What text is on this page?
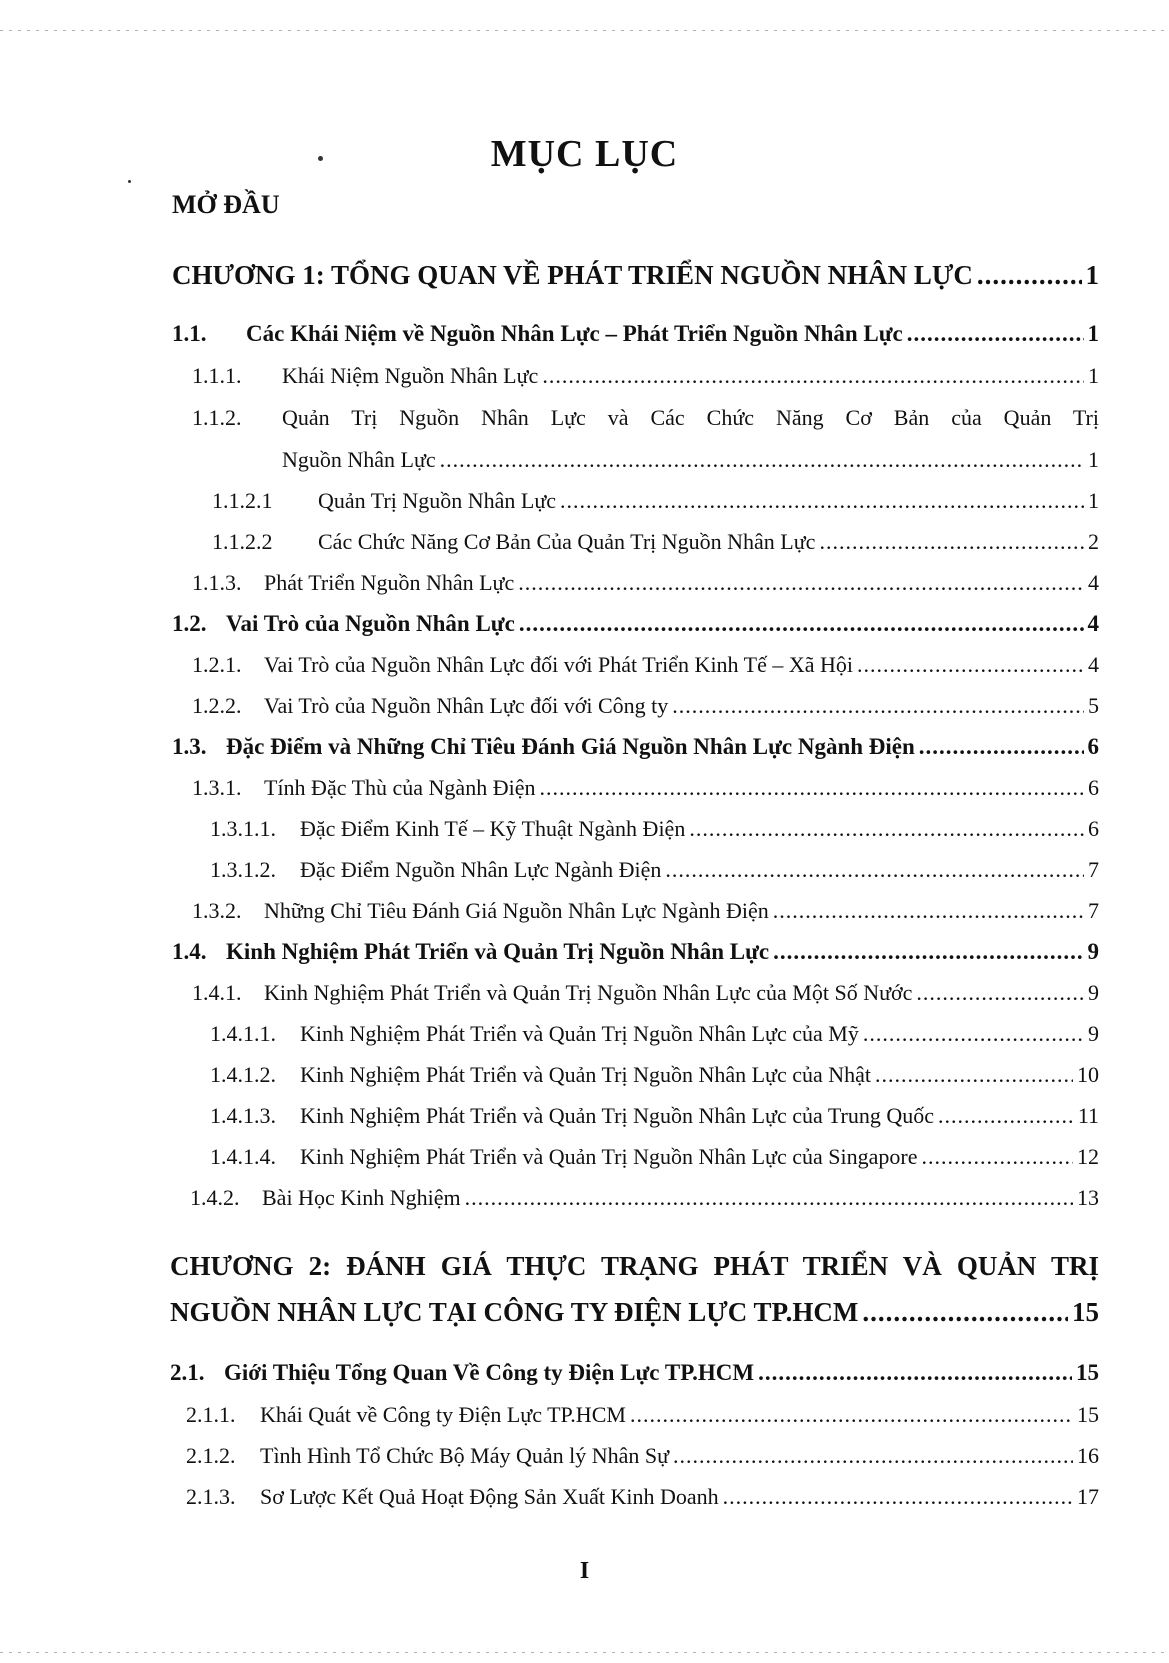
MỤC LỤC
MỞ ĐẦU
CHƯƠNG 1: TỔNG QUAN VỀ PHÁT TRIỂN NGUỒN NHÂN LỰC .....	1
1.1.	Các Khái Niệm về Nguồn Nhân Lực – Phát Triển Nguồn Nhân Lực .....	1
1.1.1.	Khái Niệm Nguồn Nhân Lực .....	1
1.1.2.	Quản Trị Nguồn Nhân Lực và Các Chức Năng Cơ Bản của Quản Trị
Nguồn Nhân Lực .....	1
1.1.2.1	Quản Trị Nguồn Nhân Lực .....	1
1.1.2.2	Các Chức Năng Cơ Bản Của Quản Trị Nguồn Nhân Lực .....	2
1.1.3.	Phát Triển Nguồn Nhân Lực .....	4
1.2. Vai Trò của Nguồn Nhân Lực .....	4
1.2.1.	Vai Trò của Nguồn Nhân Lực đối với Phát Triển Kinh Tế – Xã Hội .....	4
1.2.2.	Vai Trò của Nguồn Nhân Lực đối với Công ty .....	5
1.3. Đặc Điểm và Những Chỉ Tiêu Đánh Giá Nguồn Nhân Lực Ngành Điện .....	6
1.3.1.	Tính Đặc Thù của Ngành Điện .....	6
1.3.1.1.	Đặc Điểm Kinh Tế – Kỹ Thuật Ngành Điện .....	6
1.3.1.2.	Đặc Điểm Nguồn Nhân Lực Ngành Điện .....	7
1.3.2.	Những Chỉ Tiêu Đánh Giá Nguồn Nhân Lực Ngành Điện .....	7
1.4. Kinh Nghiệm Phát Triển và Quản Trị Nguồn Nhân Lực .....	9
1.4.1.	Kinh Nghiệm Phát Triển và Quản Trị Nguồn Nhân Lực của Một Số Nước .....	9
1.4.1.1.	Kinh Nghiệm Phát Triển và Quản Trị Nguồn Nhân Lực của Mỹ .....	9
1.4.1.2.	Kinh Nghiệm Phát Triển và Quản Trị Nguồn Nhân Lực của Nhật .....	10
1.4.1.3.	Kinh Nghiệm Phát Triển và Quản Trị Nguồn Nhân Lực của Trung Quốc .....	11
1.4.1.4.	Kinh Nghiệm Phát Triển và Quản Trị Nguồn Nhân Lực của Singapore .....	12
1.4.2.	Bài Học Kinh Nghiệm .....	13
CHƯƠNG 2: ĐÁNH GIÁ THỰC TRẠNG PHÁT TRIỂN VÀ QUẢN TRỊ
NGUỒN NHÂN LỰC TẠI CÔNG TY ĐIỆN LỰC TP.HCM .....	15
2.1. Giới Thiệu Tổng Quan Về Công ty Điện Lực TP.HCM .....	15
2.1.1.	Khái Quát về Công ty Điện Lực TP.HCM .....	15
2.1.2.	Tình Hình Tổ Chức Bộ Máy Quản lý Nhân Sự .....	16
2.1.3.	Sơ Lược Kết Quả Hoạt Động Sản Xuất Kinh Doanh .....	17
I
